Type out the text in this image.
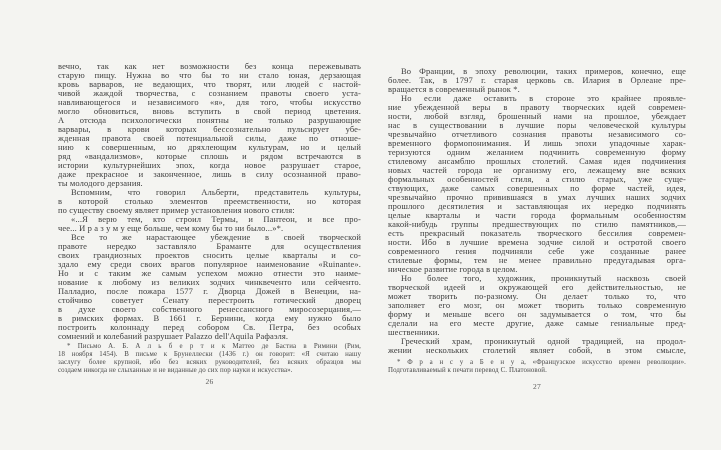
вечно, так как нет возможности без конца пережевывать
старую пищу. Нужна во что бы то ни стало юная, дерзающая
кровь варваров, не ведающих, что творят, или людей с настой-
чивой жаждой творчества, с сознанием правоты своего уста-
навливающегося и независимого «я», для того, чтобы искусство
могло обновиться, вновь вступить в свой период цветения.
А отсюда психологически понятны не только разрушающие
варвары, в крови которых бессознательно пульсирует убе-
жденная правота своей потенциальной силы, даже по отноше-
нию к совершенным, но дряхлеющим культурам, но и целый
ряд «вандализмов», которые сплошь и рядом встречаются в
истории культурнейших эпох, когда новое разрушает старое,
даже прекрасное и законченное, лишь в силу осознанной право-
ты молодого дерзания.
Вспомним, что говорил Альберти, представитель культуры,
в которой столько элементов преемственности, но которая
по существу своему являет пример установления нового стиля:
«...Я верю тем, кто строил Термы, и Пантеон, и все про-
чее... И р а з у м у еще больше, чем кому бы то ни было...»*.
Все то же нарастающее убеждение в своей творческой
правоте нередко заставляло Браманте для осуществления
своих грандиозных проектов сносить целые кварталы и со-
здало ему среди своих врагов популярное наименование «Ruinante».
Но и с таким же самым успехом можно отнести это наиме-
нование к любому из великих зодчих чинквеченто или сейченто.
Палладио, после пожара 1577 г. Дворца Дожей в Венеции, на-
стойчиво советует Сенату перестроить готический дворец
в духе своего собственного ренессансного миросозерцания,—
в римских формах. В 1661 г. Бернини, когда ему нужно было
построить колоннаду перед собором Св. Петра, без особых
сомнений и колебаний разрушает Palazzo dell'Aquila Рафаэля.
* Письмо А. Б. А л ь б е р т и к Маттео де Бастиа в Римини (Рим,
18 ноября 1454). В письме к Брунеллески (1436 г.) он говорит: «Я считаю нашу
заслугу более крупной, ибо без всяких руководителей, без всяких образцов мы
создаем никогда не слыханные и не виданные до сих пор науки и искусства».
26
Во Франции, в эпоху революции, таких примеров, конечно, еще
более. Так, в 1797 г. старая церковь св. Илария в Орлеане пре-
вращается в современный рынок *.
Но если даже оставить в стороне это крайнее проявле-
ние убежденной веры в правоту творческих идей современ-
ности, любой взгляд, брошенный нами на прошлое, убеждает
нас в существовании в лучшие поры человеческой культуры
чрезвычайно отчетливого сознания правоты независимого со-
временного формопонимания. И лишь эпохи упадочные харак-
теризуются одним желанием подчинить современную форму
стилевому ансамблю прошлых столетий. Самая идея подчинения
новых частей города не организму его, лежащему вне всяких
формальных особенностей стиля, а стилю старых, уже суще-
ствующих, даже самых совершенных по форме частей, идея,
чрезвычайно прочно привившаяся в умах лучших наших зодчих
прошлого десятилетия и заставляющая их нередко подчинять
целые кварталы и части города формальным особенностям
какой-нибудь группы предшествующих по стилю памятников,—
есть прекрасный показатель творческого бессилия современ-
ности. Ибо в лучшие времена зодчие силой и остротой своего
современного гения подчиняли себе уже созданные ранее
стилевые формы, тем не менее правильно предугадывая орга-
ническое развитие города в целом.
Но более того, художник, проникнутый насквозь своей
творческой идеей и окружающей его действительностью, не
может творить по-разному. Он делает только то, что
заполняет его мозг, он может творить только современную
форму и меньше всего он задумывается о том, что бы
сделали на его месте другие, даже самые гениальные пред-
шественники.
Греческий храм, проникнутый одной традицией, на продол-
жении нескольких столетий являет собой, в этом смысле,
* Ф р а н с у а Б е н у а, «Французское искусство времен революции».
Подготавливаемый к печати перевод С. Платоновой.
27
